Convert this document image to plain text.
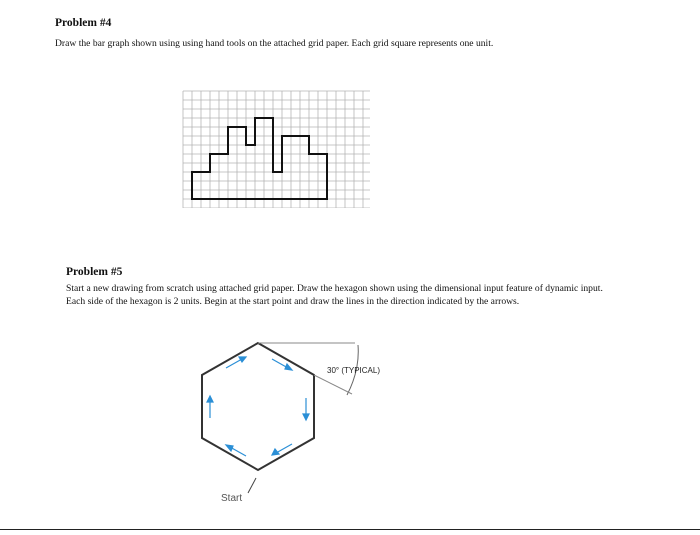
Problem #4
Draw the bar graph shown using using hand tools on the attached grid paper. Each grid square represents one unit.
Problem #5
Start a new drawing from scratch using attached grid paper. Draw the hexagon shown using the dimensional input feature of dynamic input.
Each side of the hexagon is 2 units. Begin at the start point and draw the lines in the direction indicated by the arrows.
30° (TYPICAL)
Start
